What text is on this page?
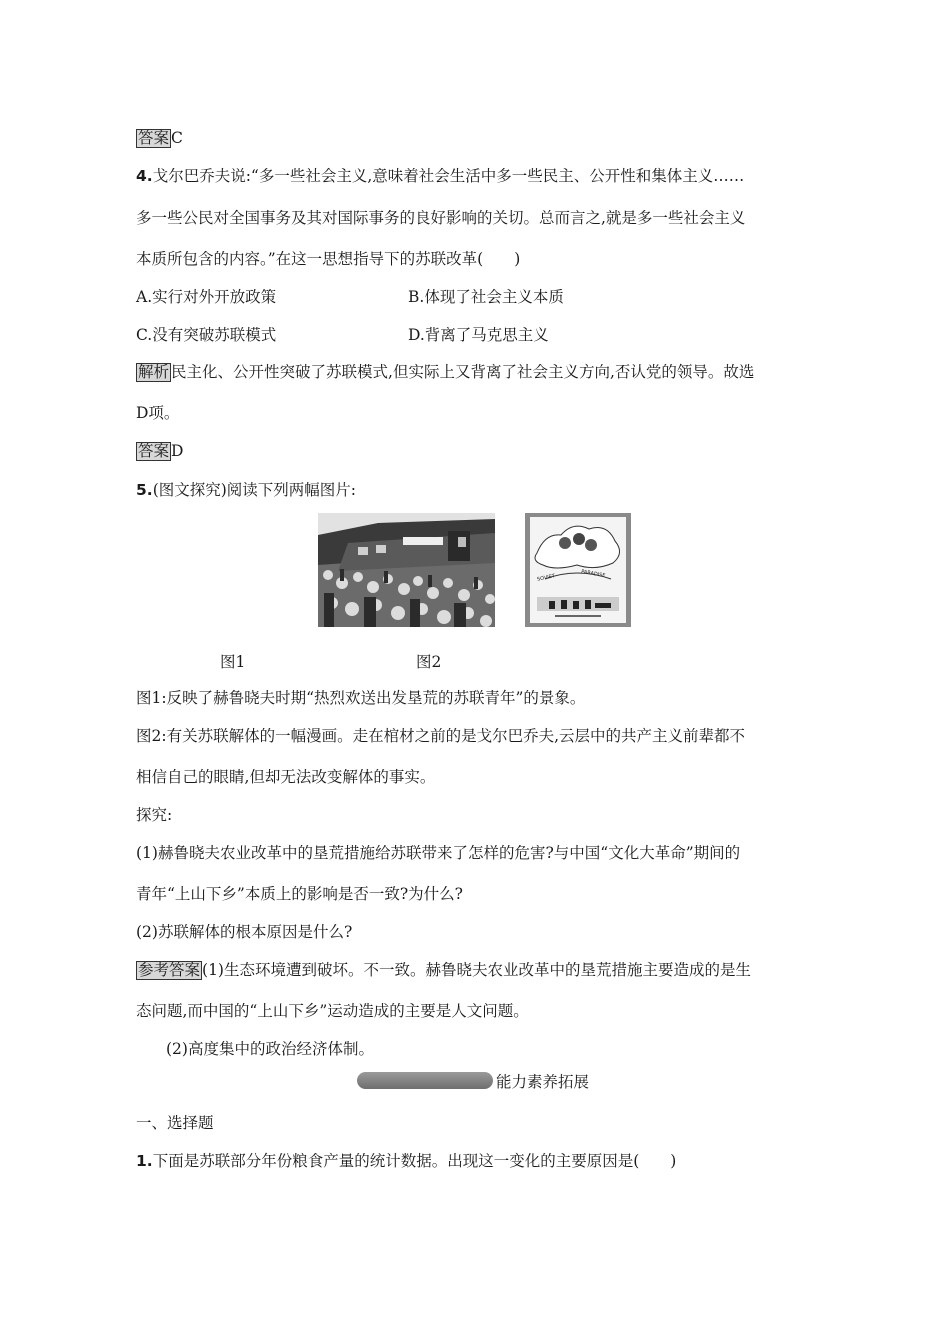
答案 C
4.戈尔巴乔夫说:“多一些社会主义,意味着社会生活中多一些民主、公开性和集体主义……
多一些公民对全国事务及其对国际事务的良好影响的关切。总而言之,就是多一些社会主义
本质所包含的内容。”在这一思想指导下的苏联改革(　　)
A.实行对外开放政策	B.体现了社会主义本质
C.没有突破苏联模式	D.背离了马克思主义
解析 民主化、公开性突破了苏联模式,但实际上又背离了社会主义方向,否认党的领导。故选
D项。
答案 D
5.(图文探究)阅读下列两幅图片:
SOVIET	PARADISE
图1	图2
图1:反映了赫鲁晓夫时期“热烈欢送出发垦荒的苏联青年”的景象。
图2:有关苏联解体的一幅漫画。走在棺材之前的是戈尔巴乔夫,云层中的共产主义前辈都不
相信自己的眼睛,但却无法改变解体的事实。
探究:
(1)赫鲁晓夫农业改革中的垦荒措施给苏联带来了怎样的危害?与中国“文化大革命”期间的
青年“上山下乡”本质上的影响是否一致?为什么?
(2)苏联解体的根本原因是什么?
参考答案 (1)生态环境遭到破坏。不一致。赫鲁晓夫农业改革中的垦荒措施主要造成的是生
态问题,而中国的“上山下乡”运动造成的主要是人文问题。
(2)高度集中的政治经济体制。
能力素养拓展
一、选择题
1.下面是苏联部分年份粮食产量的统计数据。出现这一变化的主要原因是(　　)
